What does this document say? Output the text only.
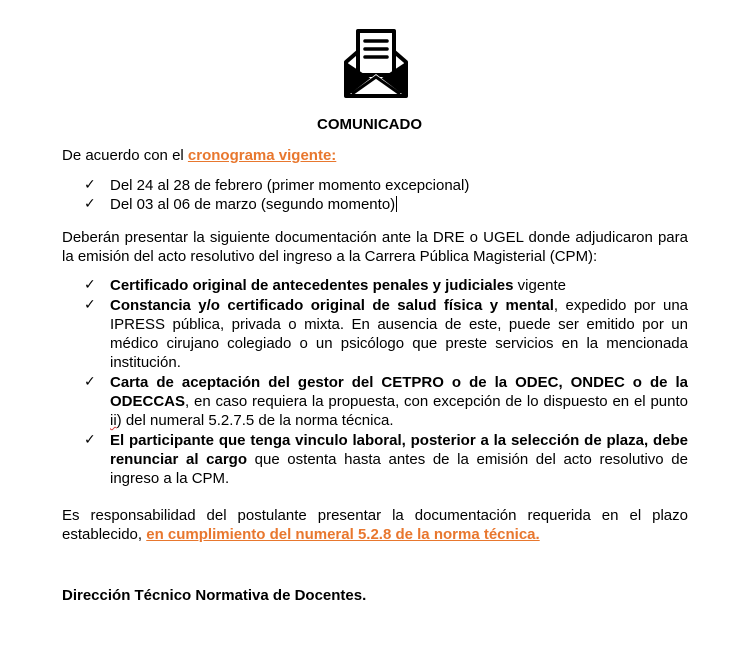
COMUNICADO
De acuerdo con el cronograma vigente:
✓ Del 24 al 28 de febrero (primer momento excepcional)
✓ Del 03 al 06 de marzo (segundo momento)
Deberán presentar la siguiente documentación ante la DRE o UGEL donde adjudicaron para la emisión del acto resolutivo del ingreso a la Carrera Pública Magisterial (CPM):
✓ Certificado original de antecedentes penales y judiciales vigente
✓ Constancia y/o certificado original de salud física y mental, expedido por una IPRESS pública, privada o mixta. En ausencia de este, puede ser emitido por un médico cirujano colegiado o un psicólogo que preste servicios en la mencionada institución.
✓ Carta de aceptación del gestor del CETPRO o de la ODEC, ONDEC o de la ODECCAS, en caso requiera la propuesta, con excepción de lo dispuesto en el punto ii) del numeral 5.2.7.5 de la norma técnica.
✓ El participante que tenga vinculo laboral, posterior a la selección de plaza, debe renunciar al cargo que ostenta hasta antes de la emisión del acto resolutivo de ingreso a la CPM.
Es responsabilidad del postulante presentar la documentación requerida en el plazo establecido, en cumplimiento del numeral 5.2.8 de la norma técnica.
Dirección Técnico Normativa de Docentes.
